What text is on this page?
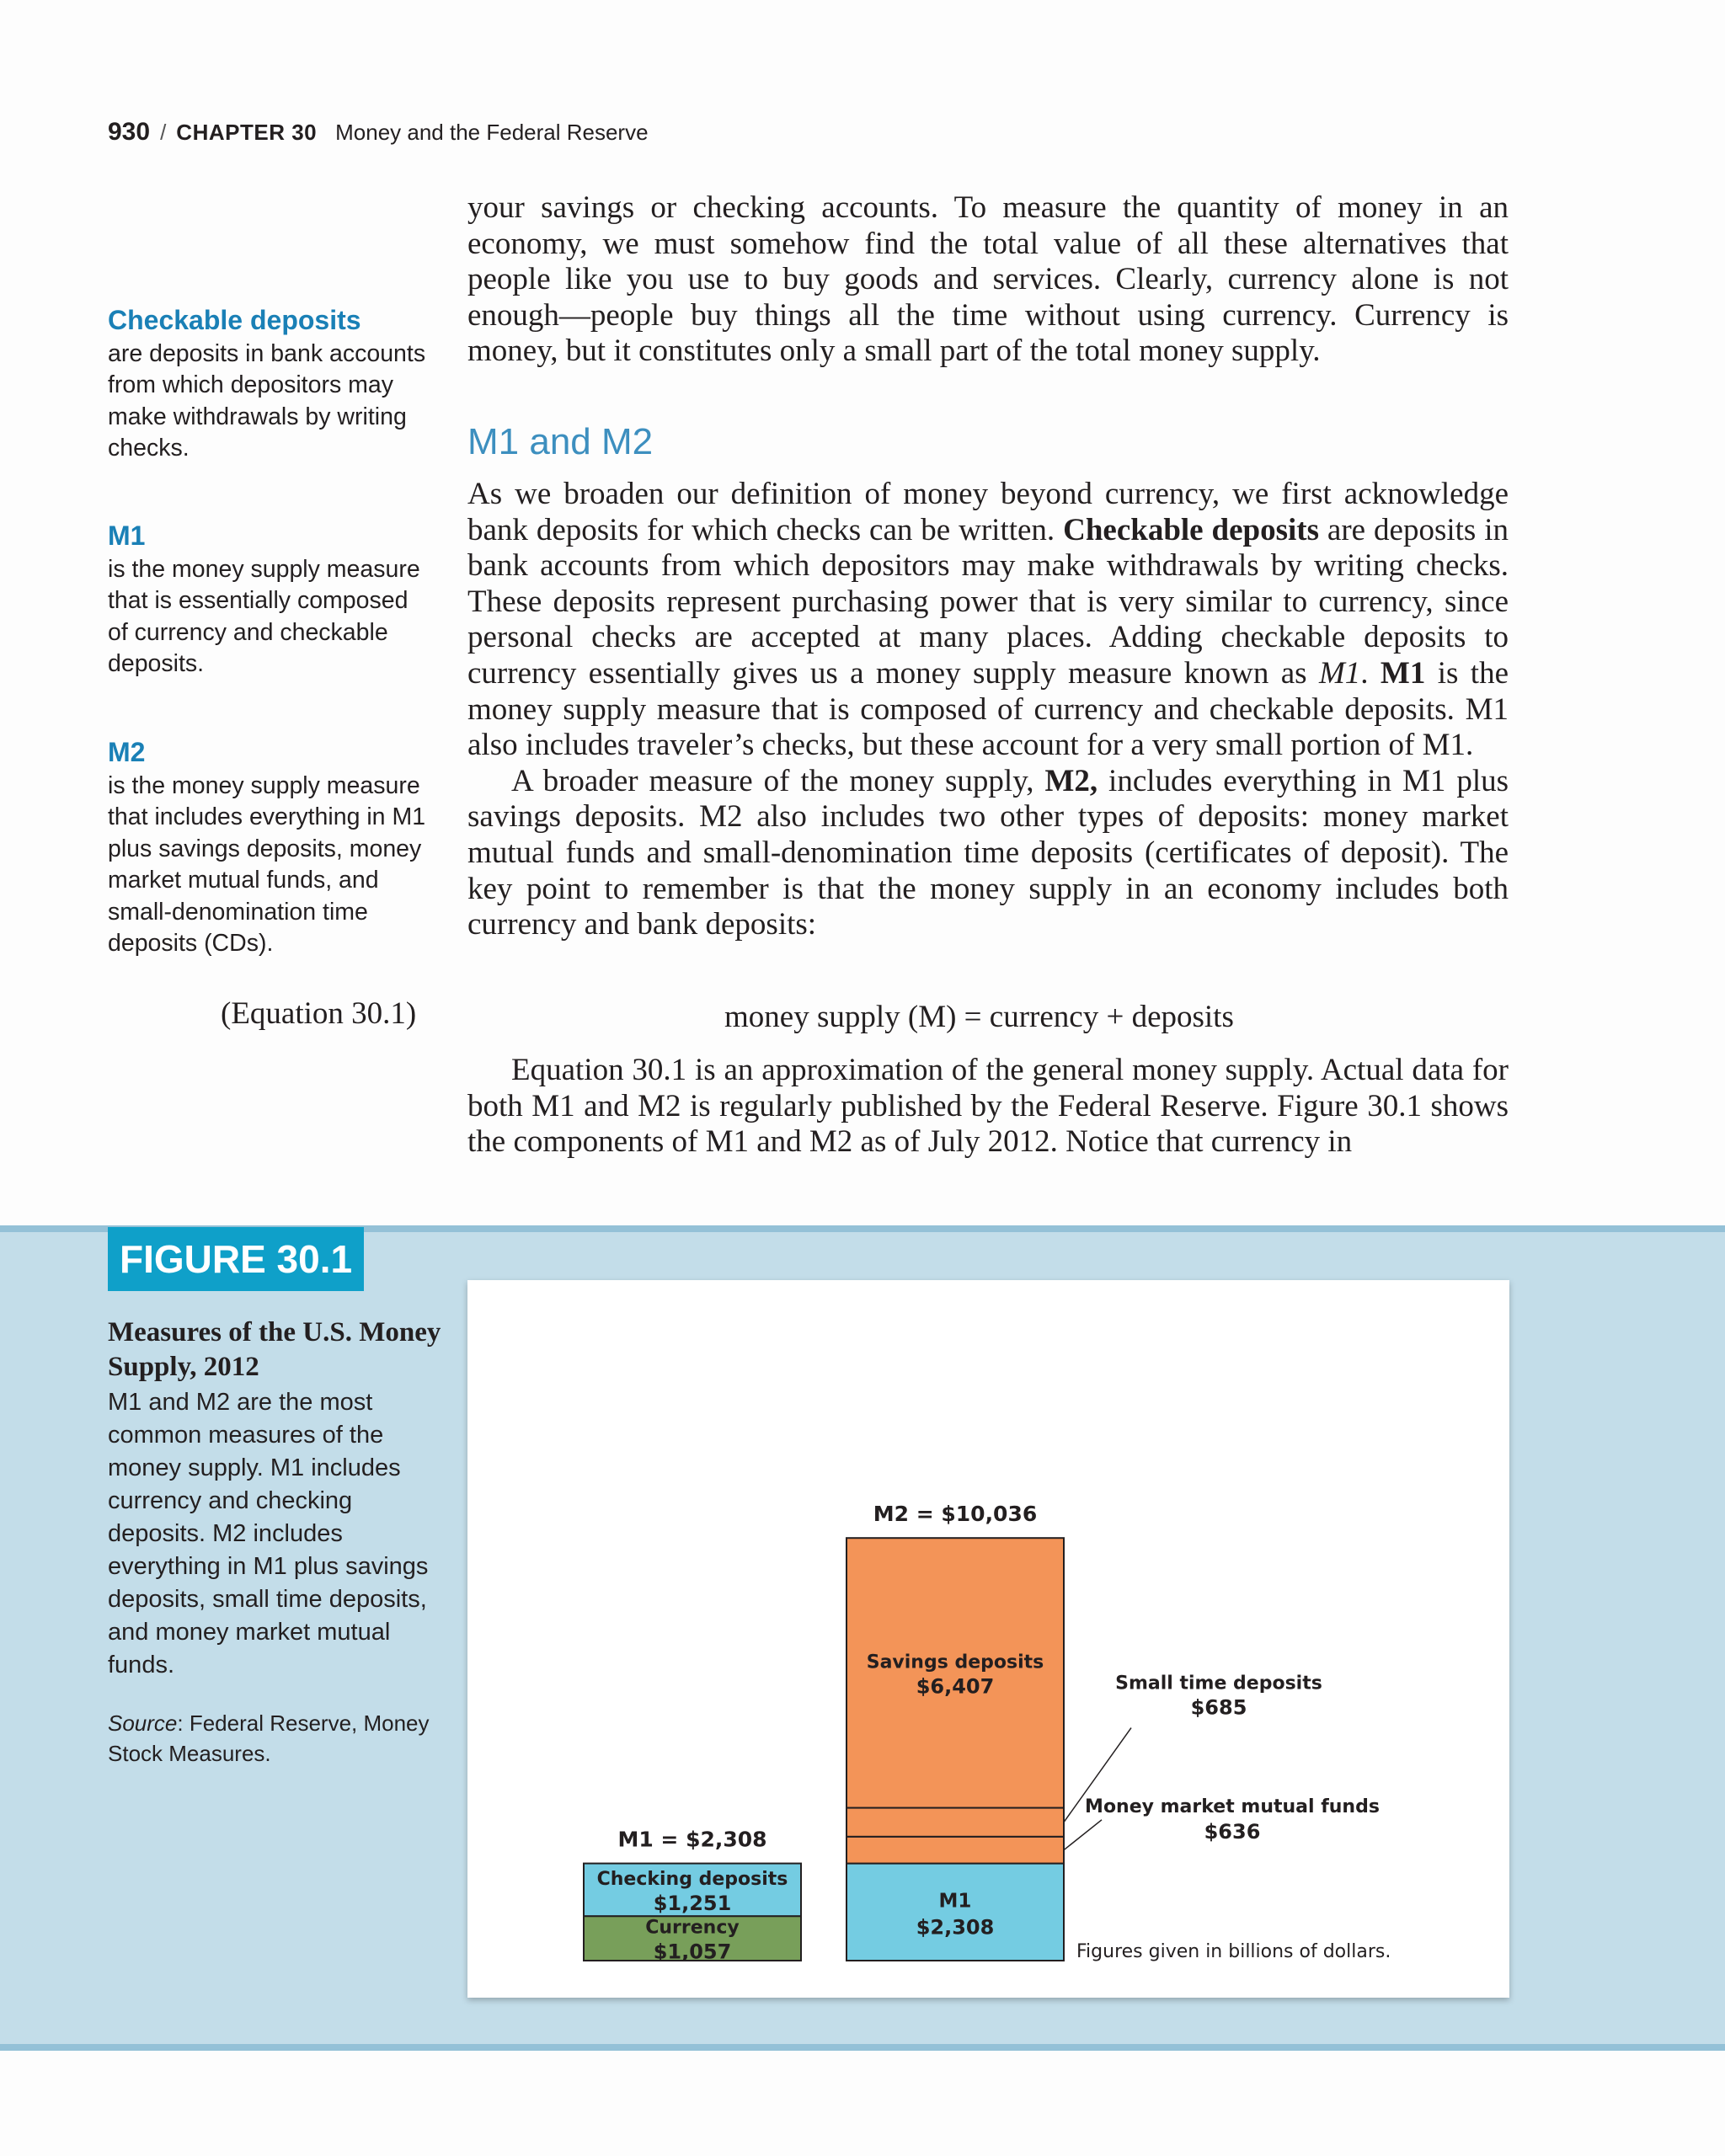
930 / CHAPTER 30 Money and the Federal Reserve

your savings or checking accounts. To measure the quantity of money in an economy, we must somehow find the total value of all these alternatives that people like you use to buy goods and services. Clearly, currency alone is not enough—people buy things all the time without using currency. Currency is money, but it constitutes only a small part of the total money supply.

M1 and M2

As we broaden our definition of money beyond currency, we first acknowledge bank deposits for which checks can be written. Checkable deposits are deposits in bank accounts from which depositors may make withdrawals by writing checks. These deposits represent purchasing power that is very similar to currency, since personal checks are accepted at many places. Adding checkable deposits to currency essentially gives us a money supply measure known as M1. M1 is the money supply measure that is composed of currency and checkable deposits. M1 also includes traveler’s checks, but these account for a very small portion of M1.

A broader measure of the money supply, M2, includes everything in M1 plus savings deposits. M2 also includes two other types of deposits: money market mutual funds and small-denomination time deposits (certificates of deposit). The key point to remember is that the money supply in an economy includes both currency and bank deposits:

(Equation 30.1)	money supply (M) = currency + deposits

Equation 30.1 is an approximation of the general money supply. Actual data for both M1 and M2 is regularly published by the Federal Reserve. Figure 30.1 shows the components of M1 and M2 as of July 2012. Notice that currency in

Checkable deposits
are deposits in bank accounts from which depositors may make withdrawals by writing checks.
M1
is the money supply measure that is essentially composed of currency and checkable deposits.
M2
is the money supply measure that includes everything in M1 plus savings deposits, money market mutual funds, and small-denomination time deposits (CDs).
FIGURE 30.1
Measures of the U.S. Money Supply, 2012
M1 and M2 are the most common measures of the money supply. M1 includes currency and checking deposits. M2 includes everything in M1 plus savings deposits, small time deposits, and money market mutual funds.
Source: Federal Reserve, Money Stock Measures.
Currency
$1,057
Checking deposits
$1,251
M1 = $2,308
M2 = $10,036
M1
$2,308
Savings deposits
$6,407
Money market mutual funds
$636
Small time deposits
$685
Figures given in billions of dollars.
